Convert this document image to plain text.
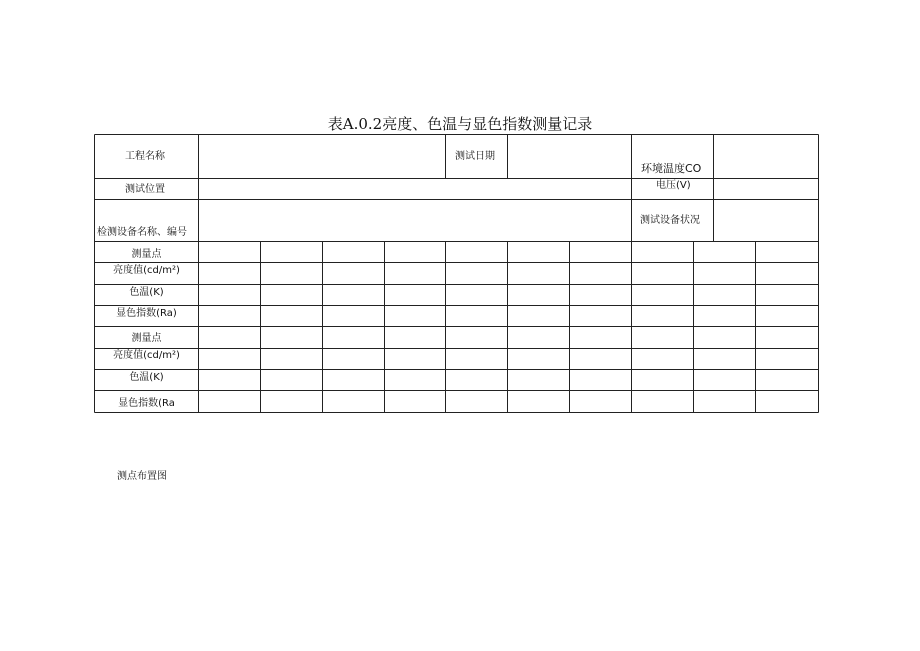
表A.0.2亮度、色温与显色指数测量记录
工程名称	测试日期
环境温度CO
测试位置	电压(V)
检测设备名称、编号
测试设备状况
测量点
亮度值(cd/m²)
色温(K)
显色指数(Ra)
测量点
亮度值(cd/m²)
色温(K)
显色指数(Ra
测点布置图
